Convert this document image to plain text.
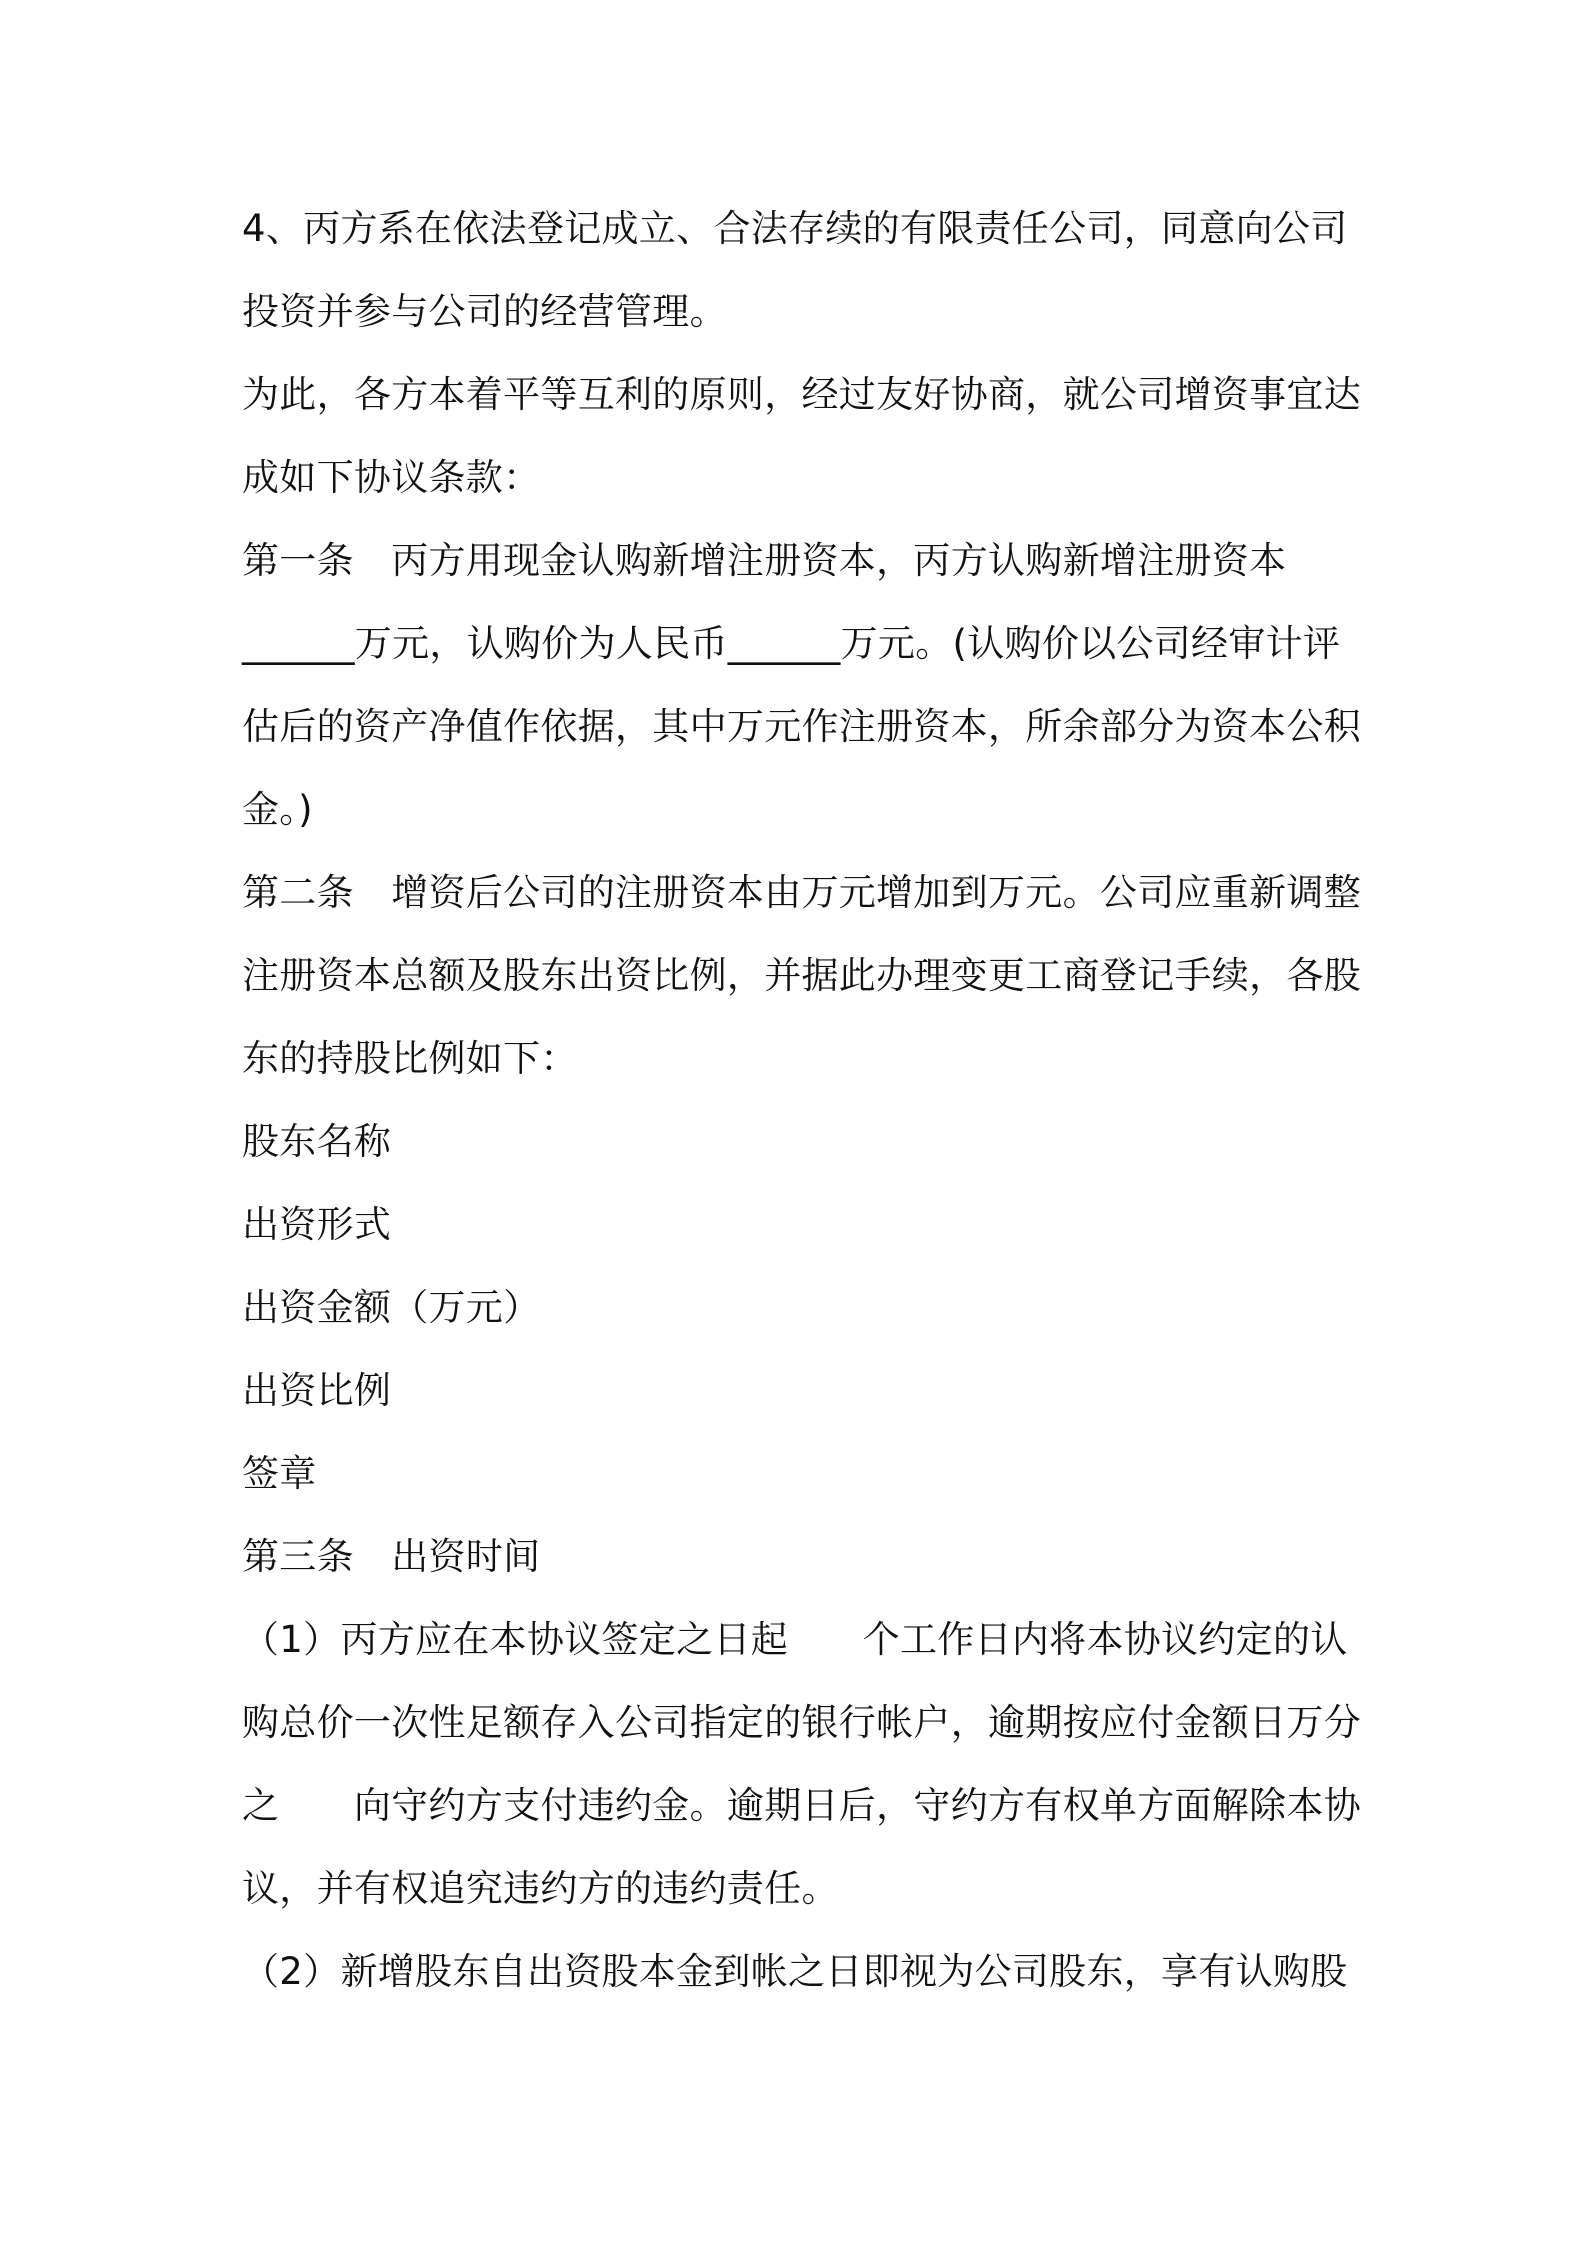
4、丙方系在依法登记成立、合法存续的有限责任公司，同意向公司
投资并参与公司的经营管理。
为此，各方本着平等互利的原则，经过友好协商，就公司增资事宜达
成如下协议条款：
第一条　丙方用现金认购新增注册资本，丙方认购新增注册资本
______万元，认购价为人民币______万元。(认购价以公司经审计评
估后的资产净值作依据，其中万元作注册资本，所余部分为资本公积
金。)
第二条　增资后公司的注册资本由万元增加到万元。公司应重新调整
注册资本总额及股东出资比例，并据此办理变更工商登记手续，各股
东的持股比例如下：
股东名称
出资形式
出资金额（万元）
出资比例
签章
第三条　出资时间
（1）丙方应在本协议签定之日起　　个工作日内将本协议约定的认
购总价一次性足额存入公司指定的银行帐户，逾期按应付金额日万分
之　　向守约方支付违约金。逾期日后，守约方有权单方面解除本协
议，并有权追究违约方的违约责任。
（2）新增股东自出资股本金到帐之日即视为公司股东，享有认购股
